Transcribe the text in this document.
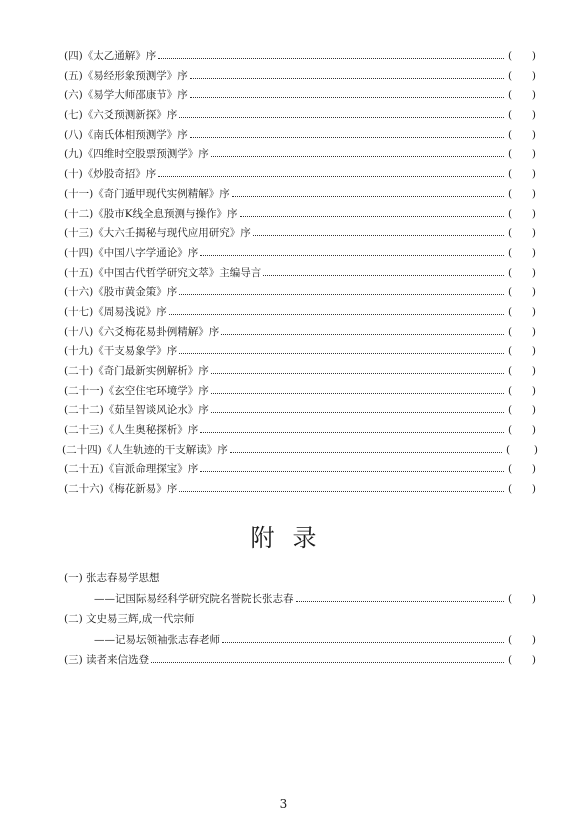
(四)《太乙通解》序	( )
(五)《易经形象预测学》序	( )
(六)《易学大师邵康节》序	( )
(七)《六爻预测新探》序	( )
(八)《南氏体相预测学》序	( )
(九)《四维时空股票预测学》序	( )
(十)《炒股奇招》序	( )
(十一)《奇门遁甲现代实例精解》序	( )
(十二)《股市K线全息预测与操作》序	( )
(十三)《大六壬揭秘与现代应用研究》序	( )
(十四)《中国八字学通论》序	( )
(十五)《中国古代哲学研究文萃》主编导言	( )
(十六)《股市黄金策》序	( )
(十七)《周易浅说》序	( )
(十八)《六爻梅花易卦例精解》序	( )
(十九)《干支易象学》序	( )
(二十)《奇门最新实例解析》序	( )
(二十一)《玄空住宅环境学》序	( )
(二十二)《茹呈智谈风论水》序	( )
(二十三)《人生奥秘探析》序	( )
(二十四)《人生轨迹的干支解读》序	( )
(二十五)《盲派命理探宝》序	( )
(二十六)《梅花新易》序	( )
附录
(一) 张志春易学思想
——记国际易经科学研究院名誉院长张志春	( )
(二) 文史易三辉,成一代宗师
——记易坛领袖张志春老师	( )
(三) 读者来信选登	( )
3
